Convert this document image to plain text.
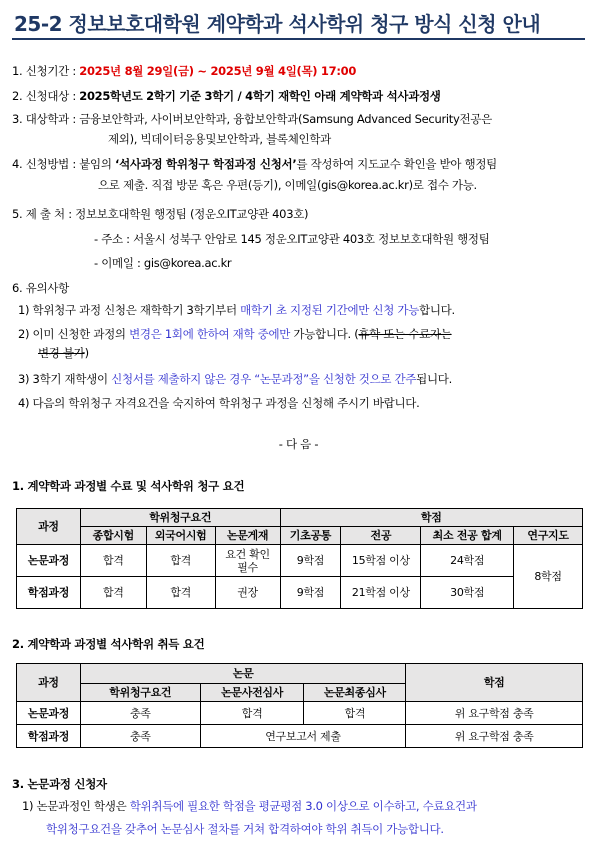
25-2 정보보호대학원 계약학과 석사학위 청구 방식 신청 안내
1. 신청기간 : 2025년 8월 29일(금) ~ 2025년 9월 4일(목) 17:00
2. 신청대상 : 2025학년도 2학기 기준 3학기 / 4학기 재학인 아래 계약학과 석사과정생
3. 대상학과 : 금융보안학과, 사이버보안학과, 융합보안학과(Samsung Advanced Security전공은
제외), 빅데이터응용및보안학과, 블록체인학과
4. 신청방법 : 붙임의 ‘석사과정 학위청구 학점과정 신청서’를 작성하여 지도교수 확인을 받아 행정팀
으로 제출. 직접 방문 혹은 우편(등기), 이메일(gis@korea.ac.kr)로 접수 가능.
5. 제 출 처 : 정보보호대학원 행정팀 (정운오IT교양관 403호)
- 주소 : 서울시 성북구 안암로 145 정운오IT교양관 403호 정보보호대학원 행정팀
- 이메일 : gis@korea.ac.kr
6. 유의사항
1) 학위청구 과정 신청은 재학학기 3학기부터 매학기 초 지정된 기간에만 신청 가능합니다.
2) 이미 신청한 과정의 변경은 1회에 한하여 재학 중에만 가능합니다. (휴학 또는 수료자는
변경 불가)
3) 3학기 재학생이 신청서를 제출하지 않은 경우 “논문과정”을 신청한 것으로 간주됩니다.
4) 다음의 학위청구 자격요건을 숙지하여 학위청구 과정을 신청해 주시기 바랍니다.
- 다 음 -
1. 계약학과 과정별 수료 및 석사학위 청구 요건
과정	학위청구요건			학점			
	종합시험	외국어시험	논문게재	기초공통	전공	최소 전공 합계	연구지도
논문과정	합격	합격	요건 확인 필수	9학점	15학점 이상	24학점	8학점
학점과정	합격	합격	권장	9학점	21학점 이상	30학점	
2. 계약학과 과정별 석사학위 취득 요건
과정	논문			학점
	학위청구요건	논문사전심사	논문최종심사	
논문과정	충족	합격	합격	위 요구학점 충족
학점과정	충족	연구보고서 제출		위 요구학점 충족
3. 논문과정 신청자
1) 논문과정인 학생은 학위취득에 필요한 학점을 평균평점 3.0 이상으로 이수하고, 수료요건과
학위청구요건을 갖추어 논문심사 절차를 거쳐 합격하여야 학위 취득이 가능합니다.
